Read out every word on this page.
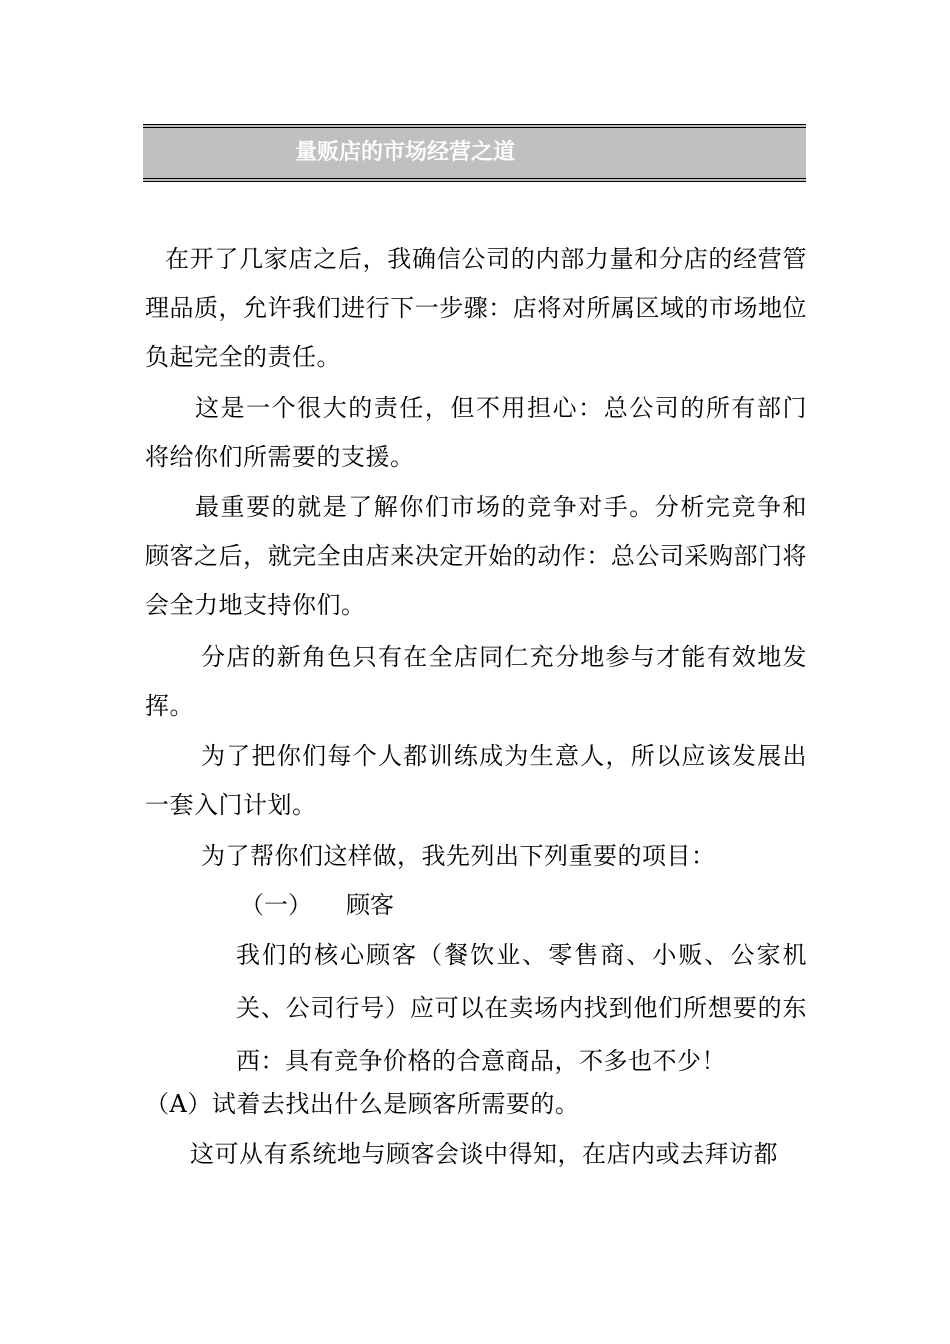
量贩店的市场经营之道

在开了几家店之后，我确信公司的内部力量和分店的经营管理品质，允许我们进行下一步骤：店将对所属区域的市场地位负起完全的责任。

这是一个很大的责任，但不用担心：总公司的所有部门将给你们所需要的支援。

最重要的就是了解你们市场的竞争对手。分析完竞争和顾客之后，就完全由店来决定开始的动作：总公司采购部门将会全力地支持你们。

分店的新角色只有在全店同仁充分地参与才能有效地发挥。

为了把你们每个人都训练成为生意人，所以应该发展出一套入门计划。

为了帮你们这样做，我先列出下列重要的项目：

（一） 顾客

我们的核心顾客（餐饮业、零售商、小贩、公家机关、公司行号）应可以在卖场内找到他们所想要的东西：具有竞争价格的合意商品，不多也不少！

（A）试着去找出什么是顾客所需要的。
这可从有系统地与顾客会谈中得知，在店内或去拜访都
